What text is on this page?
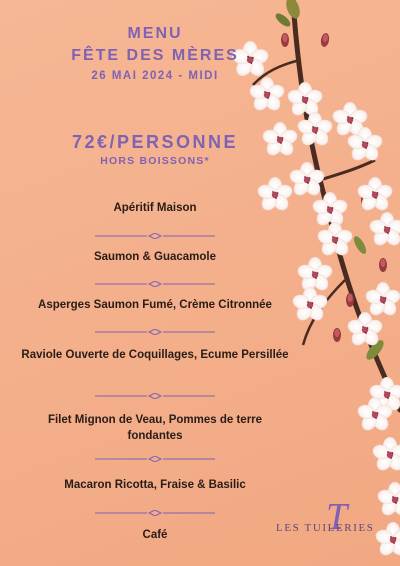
MENU
FÊTE DES MÈRES
26 MAI 2024 - MIDI
72€/PERSONNE
HORS BOISSONS*
Apéritif Maison
Saumon & Guacamole
Asperges Saumon Fumé, Crème Citronnée
Raviole Ouverte de Coquillages, Ecume Persillée
Filet Mignon de Veau, Pommes de terre fondantes
Macaron Ricotta, Fraise & Basilic
Café	T
LES TUILERIES
